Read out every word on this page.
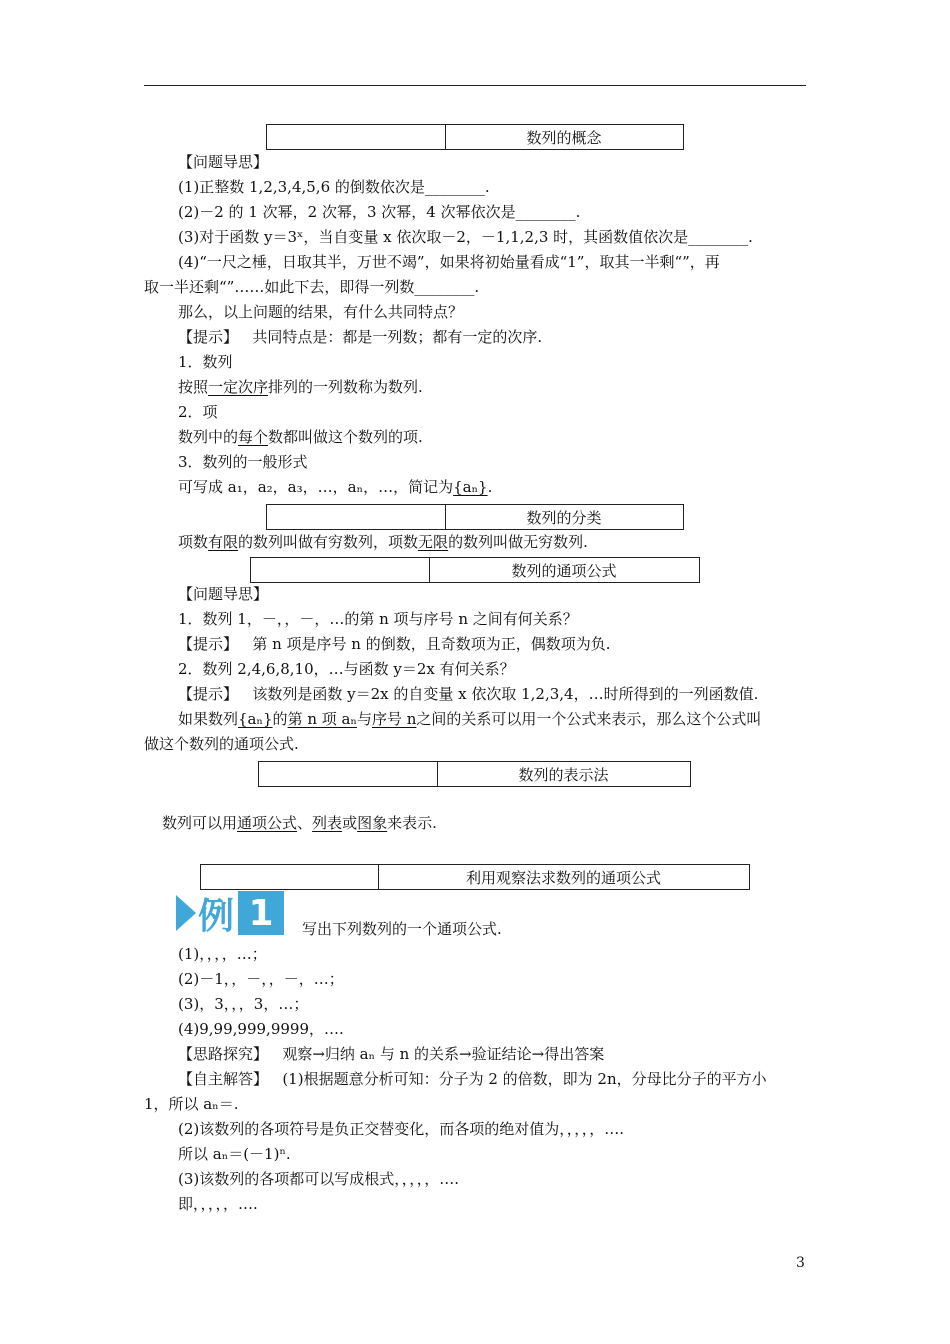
数列的概念
【问题导思】
(1)正整数 1,2,3,4,5,6 的倒数依次是________.
(2)－2 的 1 次幂，2 次幂，3 次幂，4 次幂依次是________.
(3)对于函数 y＝3ˣ，当自变量 x 依次取－2，－1,1,2,3 时，其函数值依次是________.
(4)“一尺之棰，日取其半，万世不竭”，如果将初始量看成“1”，取其一半剩“”，再
取一半还剩“”……如此下去，即得一列数________.
那么，以上问题的结果，有什么共同特点？
【提示】 共同特点是：都是一列数；都有一定的次序.
1．数列
按照一定次序排列的一列数称为数列.
2．项
数列中的每个数都叫做这个数列的项.
3．数列的一般形式
可写成 a₁，a₂，a₃，…，aₙ，…，简记为{aₙ}.
数列的分类
项数有限的数列叫做有穷数列，项数无限的数列叫做无穷数列.
数列的通项公式
【问题导思】
1．数列 1，－，，－，…的第 n 项与序号 n 之间有何关系？
【提示】 第 n 项是序号 n 的倒数，且奇数项为正，偶数项为负.
2．数列 2,4,6,8,10，…与函数 y＝2x 有何关系？
【提示】 该数列是函数 y＝2x 的自变量 x 依次取 1,2,3,4，…时所得到的一列函数值.
如果数列{aₙ}的第 n 项 aₙ与序号 n之间的关系可以用一个公式来表示，那么这个公式叫
做这个数列的通项公式.
数列的表示法
数列可以用通项公式、列表或图象来表示.
利用观察法求数列的通项公式
例 1	写出下列数列的一个通项公式.
(1)，，，，…；
(2)－1，，－，，－，…；
(3)，3，，，3，…；
(4)9,99,999,9999，….
【思路探究】 观察→归纳 aₙ 与 n 的关系→验证结论→得出答案
【自主解答】 (1)根据题意分析可知：分子为 2 的倍数，即为 2n，分母比分子的平方小
1，所以 aₙ＝.
(2)该数列的各项符号是负正交替变化，而各项的绝对值为，，，，，….
所以 aₙ＝(－1)ⁿ.
(3)该数列的各项都可以写成根式，，，，，….
即，，，，，….
3
